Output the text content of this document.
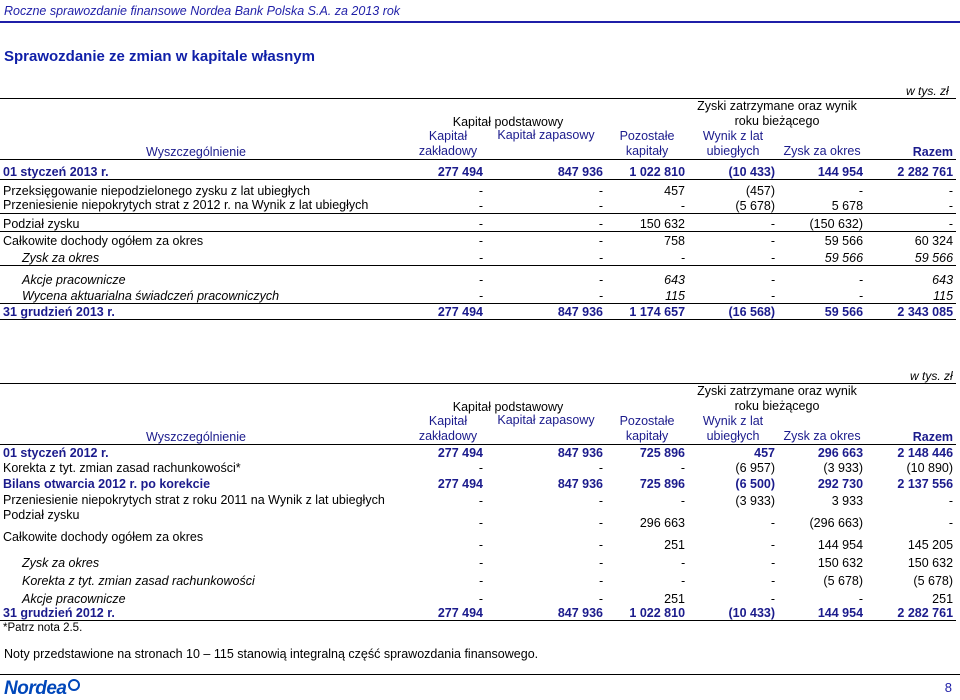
Roczne sprawozdanie finansowe Nordea Bank Polska S.A. za 2013 rok
Sprawozdanie ze zmian w kapitale własnym
w tys. zł
	Kapitał podstawowy			Zyski zatrzymane oraz wynik roku bieżącego		
Wyszczególnienie	Kapitał zakładowy	Kapitał zapasowy	Pozostałe kapitały	Wynik z lat ubiegłych	Zysk za okres	Razem
01 styczeń 2013 r.	277 494	847 936	1 022 810	(10 433)	144 954	2 282 761
Przeksięgowanie niepodzielonego zysku z lat ubiegłych	-	-	457	(457)	-	-
Przeniesienie niepokrytych strat z 2012 r. na Wynik z lat ubiegłych	-	-	-	(5 678)	5 678	-
Podział zysku	-	-	150 632	-	(150 632)	-
Całkowite dochody ogółem za okres	-	-	758	-	59 566	60 324
Zysk za okres	-	-	-	-	59 566	59 566
Akcje pracownicze	-	-	643	-	-	643
Wycena aktuarialna świadczeń pracowniczych	-	-	115	-	-	115
31 grudzień 2013 r.	277 494	847 936	1 174 657	(16 568)	59 566	2 343 085
w tys. zł
	Kapitał podstawowy			Zyski zatrzymane oraz wynik roku bieżącego		
Wyszczególnienie	Kapitał zakładowy	Kapitał zapasowy	Pozostałe kapitały	Wynik z lat ubiegłych	Zysk za okres	Razem
01 styczeń 2012 r.	277 494	847 936	725 896	457	296 663	2 148 446
Korekta z tyt. zmian zasad rachunkowości*	-	-	-	(6 957)	(3 933)	(10 890)
Bilans otwarcia 2012 r. po korekcie	277 494	847 936	725 896	(6 500)	292 730	2 137 556
Przeniesienie niepokrytych strat z roku 2011 na Wynik z lat ubiegłych	-	-	-	(3 933)	3 933	-
Podział zysku	-	-	296 663	-	(296 663)	-
Całkowite dochody ogółem za okres	-	-	251	-	144 954	145 205
Zysk za okres	-	-	-	-	150 632	150 632
Korekta z tyt. zmian zasad rachunkowości	-	-	-	-	(5 678)	(5 678)
Akcje pracownicze	-	-	251	-	-	251
31 grudzień 2012 r.	277 494	847 936	1 022 810	(10 433)	144 954	2 282 761
*Patrz nota 2.5.						
Noty przedstawione na stronach 10 – 115 stanowią integralną część sprawozdania finansowego.
Nordea	8
